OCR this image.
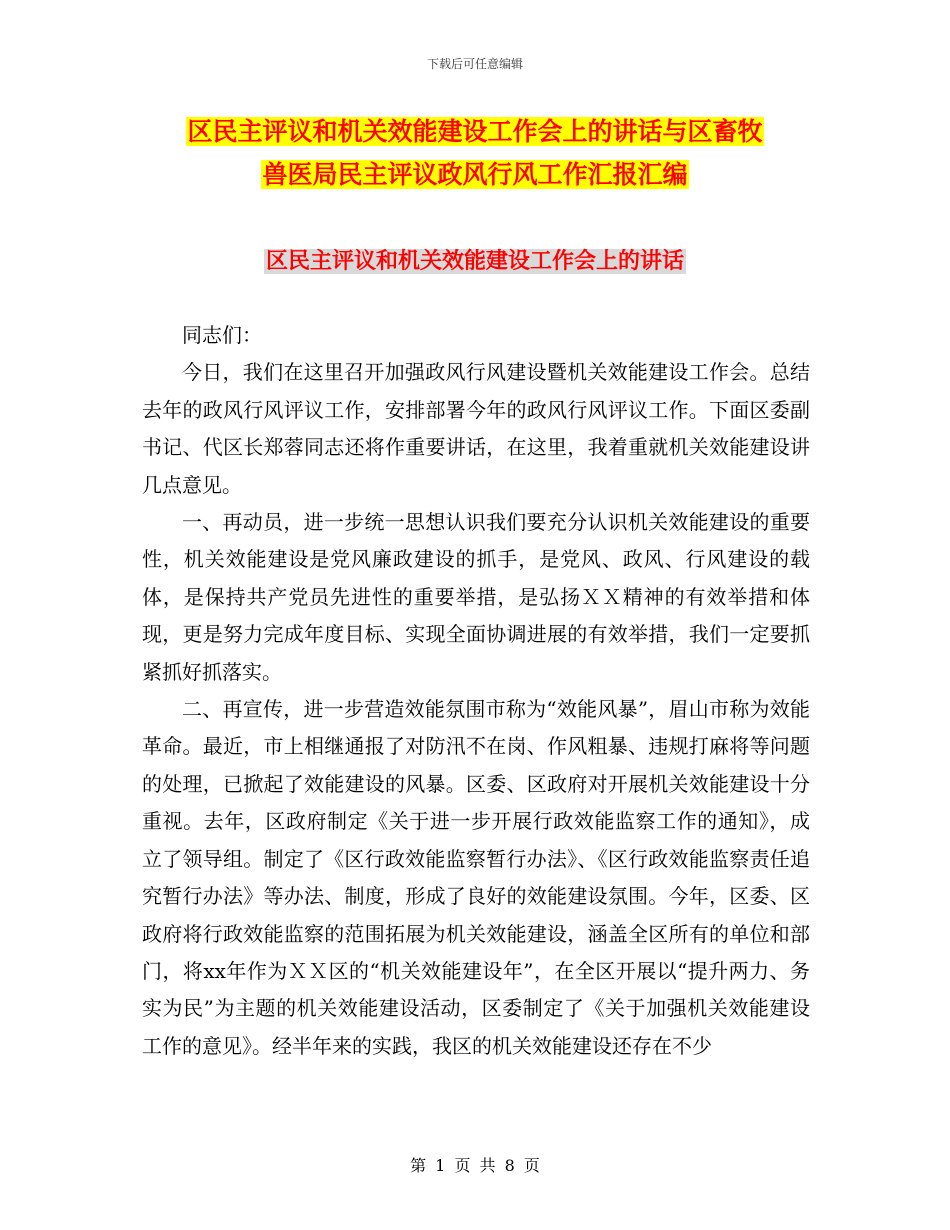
下载后可任意编辑
区民主评议和机关效能建设工作会上的讲话与区畜牧
兽医局民主评议政风行风工作汇报汇编
区民主评议和机关效能建设工作会上的讲话

同志们：

今日，我们在这里召开加强政风行风建设暨机关效能建设工作会。总结去年的政风行风评议工作，安排部署今年的政风行风评议工作。下面区委副书记、代区长郑蓉同志还将作重要讲话，在这里，我着重就机关效能建设讲几点意见。

一、再动员，进一步统一思想认识我们要充分认识机关效能建设的重要性，机关效能建设是党风廉政建设的抓手，是党风、政风、行风建设的载体，是保持共产党员先进性的重要举措，是弘扬ＸＸ精神的有效举措和体现，更是努力完成年度目标、实现全面协调进展的有效举措，我们一定要抓紧抓好抓落实。

二、再宣传，进一步营造效能氛围市称为“效能风暴”，眉山市称为效能革命。最近，市上相继通报了对防汛不在岗、作风粗暴、违规打麻将等问题的处理，已掀起了效能建设的风暴。区委、区政府对开展机关效能建设十分重视。去年，区政府制定《关于进一步开展行政效能监察工作的通知》，成立了领导组。制定了《区行政效能监察暂行办法》、《区行政效能监察责任追究暂行办法》等办法、制度，形成了良好的效能建设氛围。今年，区委、区政府将行政效能监察的范围拓展为机关效能建设，涵盖全区所有的单位和部门，将xx年作为ＸＸ区的“机关效能建设年”，在全区开展以“提升两力、务实为民”为主题的机关效能建设活动，区委制定了《关于加强机关效能建设工作的意见》。经半年来的实践，我区的机关效能建设还存在不少

第 1 页 共 8 页
